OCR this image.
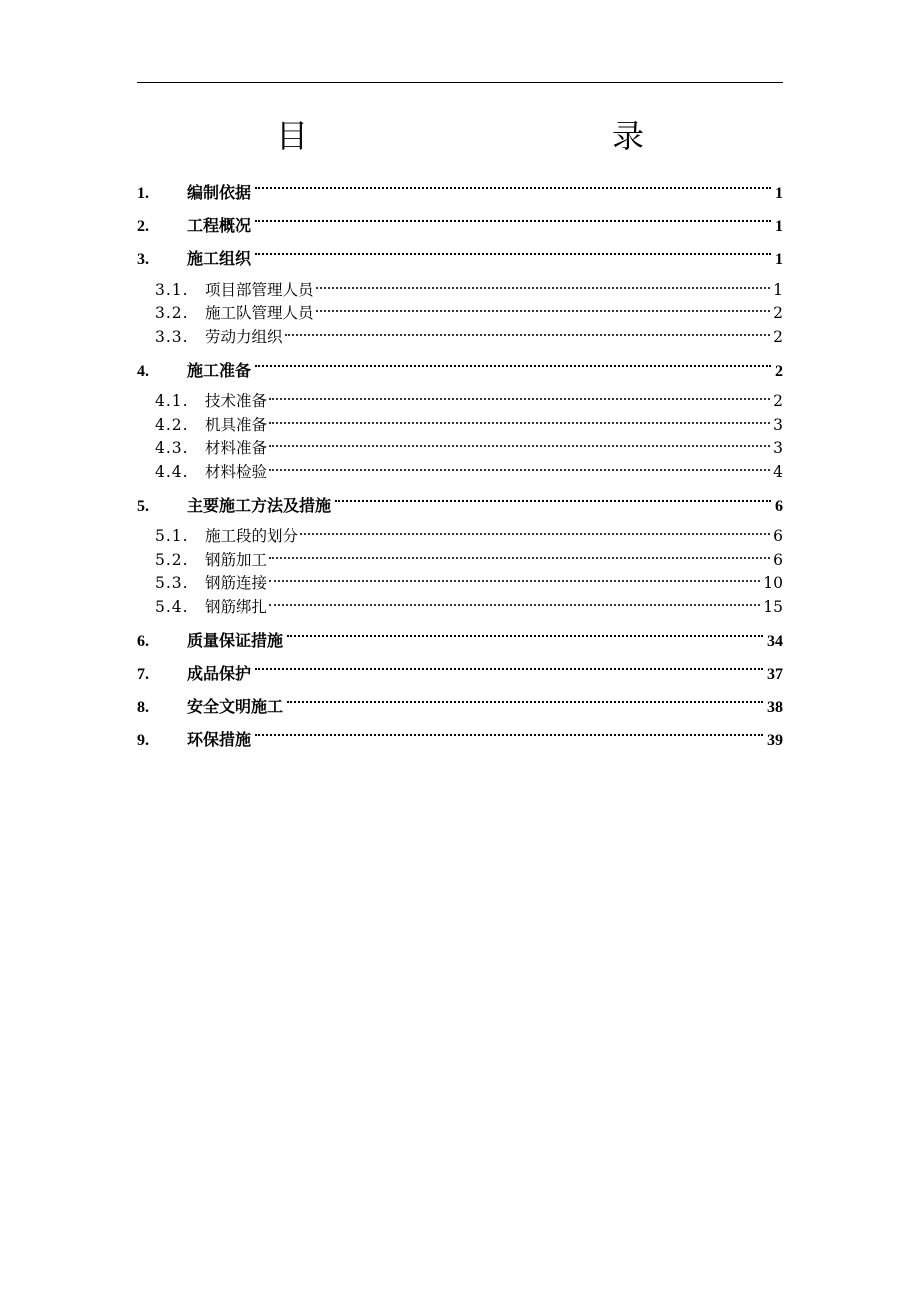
目　　录
1.	编制依据	1
2.	工程概况	1
3.	施工组织	1
3.1.	项目部管理人员	1
3.2.	施工队管理人员	2
3.3.	劳动力组织	2
4.	施工准备	2
4.1.	技术准备	2
4.2.	机具准备	3
4.3.	材料准备	3
4.4.	材料检验	4
5.	主要施工方法及措施	6
5.1.	施工段的划分	6
5.2.	钢筋加工	6
5.3.	钢筋连接	10
5.4.	钢筋绑扎	15
6.	质量保证措施	34
7.	成品保护	37
8.	安全文明施工	38
9.	环保措施	39
